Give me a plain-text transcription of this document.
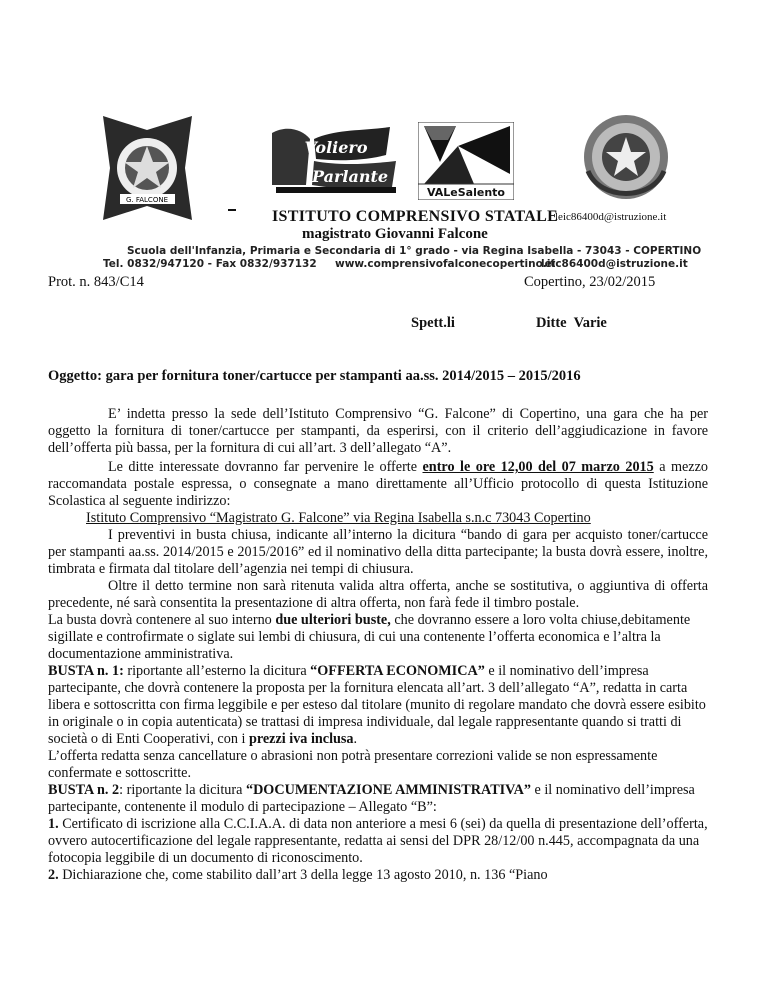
G. FALCONE
Voliero
Parlante
VALeSalento
ISTITUTO COMPRENSIVO STATALE
leic86400d@istruzione.it
magistrato Giovanni Falcone
Scuola dell'Infanzia, Primaria e Secondaria di 1° grado - via Regina Isabella - 73043 - COPERTINO
Tel. 0832/947120 - Fax 0832/937132 www.comprensivofalconecopertino.it
leic86400d@istruzione.it
Prot. n. 843/C14	Copertino, 23/02/2015
Spett.li	Ditte  Varie
Oggetto: gara per fornitura toner/cartucce per stampanti aa.ss. 2014/2015 – 2015/2016

E’ indetta presso la sede dell’Istituto Comprensivo “G. Falcone” di Copertino, una gara che ha per oggetto la fornitura di toner/cartucce per stampanti, da esperirsi, con il criterio dell’aggiudicazione in favore dell’offerta più bassa, per la fornitura di cui all’art. 3 dell’allegato “A”.

Le ditte interessate dovranno far pervenire le offerte entro le ore 12,00 del 07 marzo 2015 a mezzo raccomandata postale espressa, o consegnate a mano direttamente all’Ufficio protocollo di questa Istituzione Scolastica al seguente indirizzo:

Istituto Comprensivo “Magistrato G. Falcone” via Regina Isabella s.n.c 73043 Copertino

I preventivi in busta chiusa, indicante all’interno la dicitura “bando di gara per acquisto toner/cartucce per stampanti aa.ss. 2014/2015 e 2015/2016” ed il nominativo della ditta partecipante; la busta dovrà essere, inoltre, timbrata e firmata dal titolare dell’agenzia nei tempi di chiusura.

Oltre il detto termine non sarà ritenuta valida altra offerta, anche se sostitutiva, o aggiuntiva di offerta precedente, né sarà consentita la presentazione di altra offerta, non farà fede il timbro postale.

La busta dovrà contenere al suo interno due ulteriori buste, che dovranno essere a loro volta chiuse,debitamente sigillate e controfirmate o siglate sui lembi di chiusura, di cui una contenente l’offerta economica e l’altra la documentazione amministrativa.

BUSTA n. 1: riportante all’esterno la dicitura “OFFERTA ECONOMICA” e il nominativo dell’impresa partecipante, che dovrà contenere la proposta per la fornitura elencata all’art. 3 dell’allegato “A”, redatta in carta libera e sottoscritta con firma leggibile e per esteso dal titolare (munito di regolare mandato che dovrà essere esibito in originale o in copia autenticata) se trattasi di impresa individuale, dal legale rappresentante quando si tratti di società o di Enti Cooperativi, con i prezzi iva inclusa.

L’offerta redatta senza cancellature o abrasioni non potrà presentare correzioni valide se non espressamente confermate e sottoscritte.

BUSTA n. 2: riportante la dicitura “DOCUMENTAZIONE AMMINISTRATIVA” e il nominativo dell’impresa partecipante, contenente il modulo di partecipazione – Allegato “B”:

1. Certificato di iscrizione alla C.C.I.A.A. di data non anteriore a mesi 6 (sei) da quella di presentazione dell’offerta, ovvero autocertificazione del legale rappresentante, redatta ai sensi del DPR 28/12/00 n.445, accompagnata da una fotocopia leggibile di un documento di riconoscimento.

2. Dichiarazione che, come stabilito dall’art 3 della legge 13 agosto 2010, n. 136 “Piano
